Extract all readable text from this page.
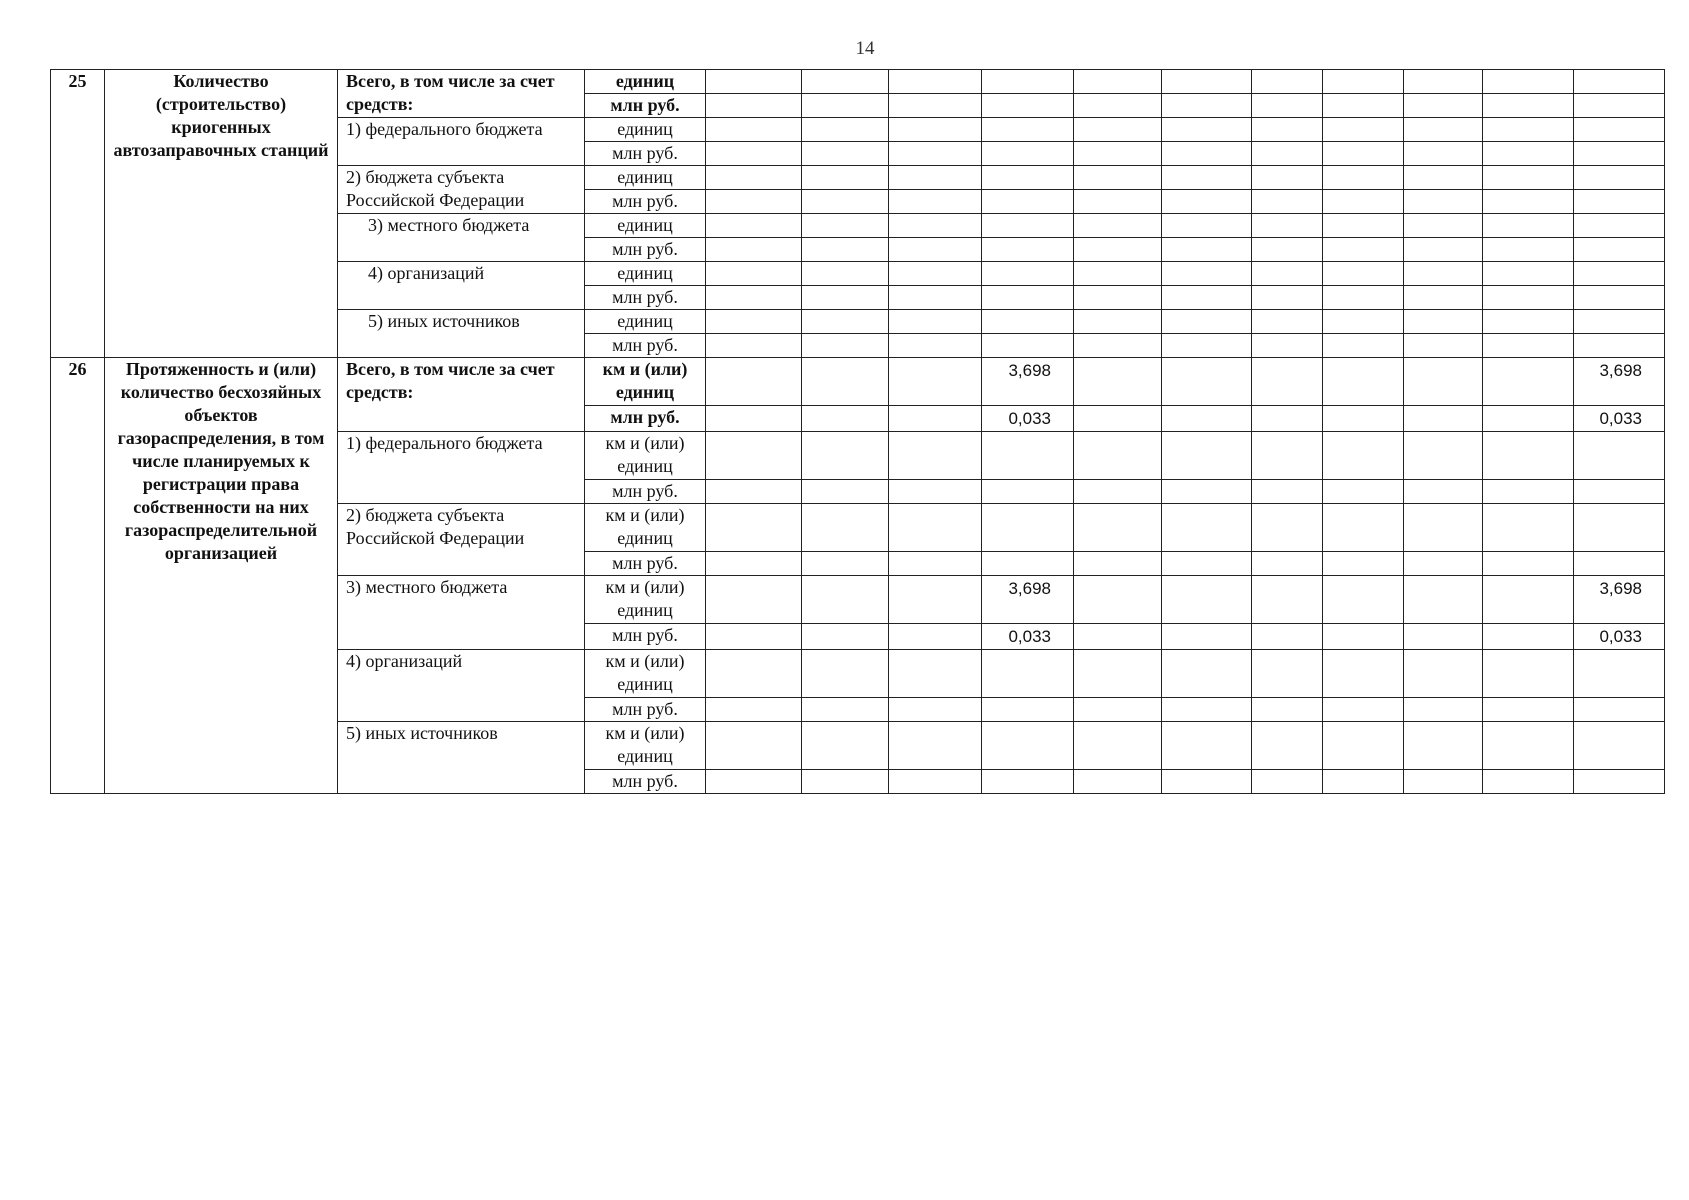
14
25	Количество (строительство) криогенных автозаправочных станций	Всего, в том числе за счет средств:	единиц											
			млн руб.											
		1) федерального бюджета	единиц											
			млн руб.											
		2) бюджета субъекта Российской Федерации	единиц											
			млн руб.											
		3) местного бюджета	единиц											
			млн руб.											
		4) организаций	единиц											
			млн руб.											
		5) иных источников	единиц											
			млн руб.											
26	Протяженность и (или) количество бесхозяйных объектов газораспределения, в том числе планируемых к регистрации права собственности на них газораспределительной организацией	Всего, в том числе за счет средств:	км и (или)
единиц				3,698							3,698
			млн руб.				0,033							0,033
		1) федерального бюджета	км и (или)
единиц											
			млн руб.											
		2) бюджета субъекта Российской Федерации	км и (или)
единиц											
			млн руб.											
		3) местного бюджета	км и (или)
единиц				3,698							3,698
			млн руб.				0,033							0,033
		4) организаций	км и (или)
единиц											
			млн руб.											
		5) иных источников	км и (или)
единиц											
			млн руб.											
